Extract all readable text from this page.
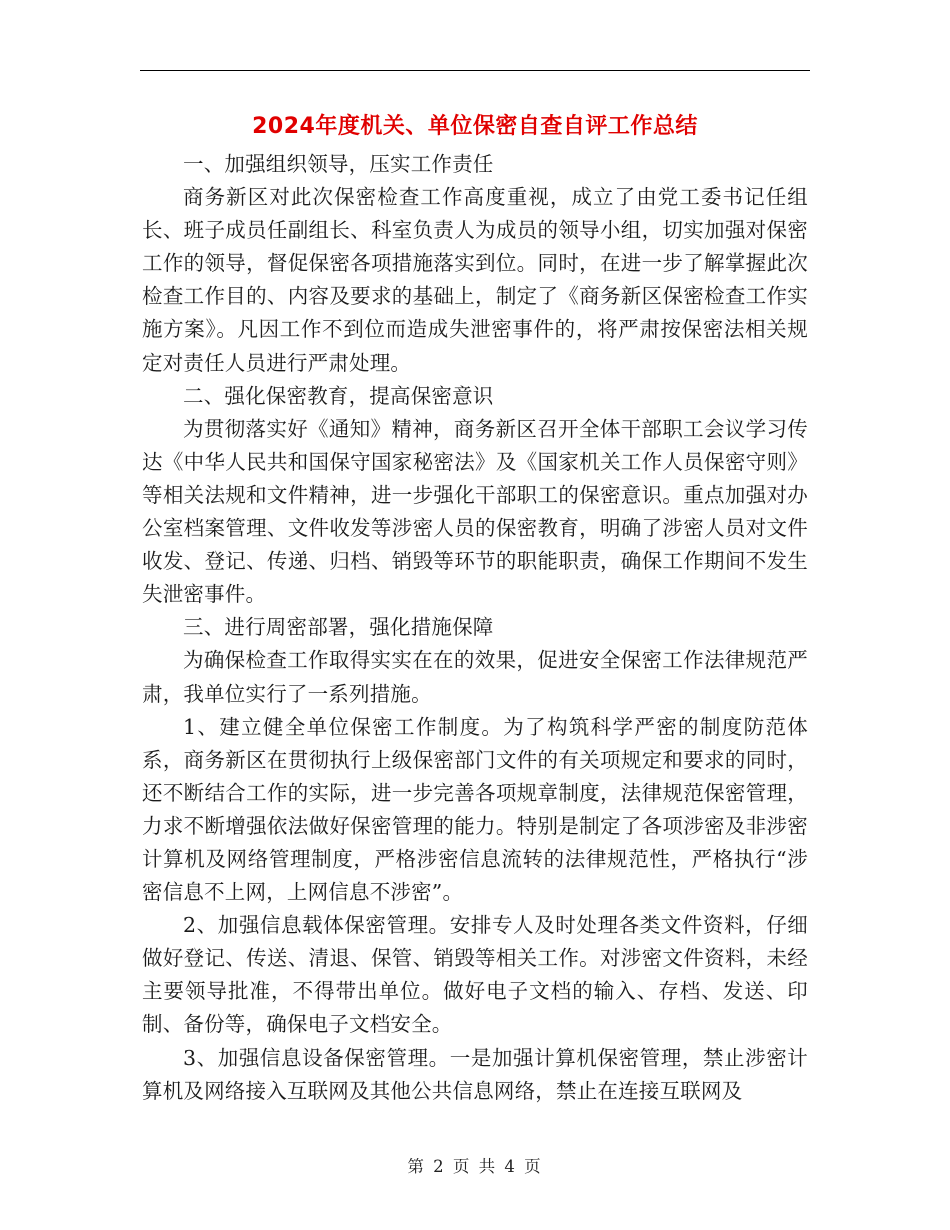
2024年度机关、单位保密自查自评工作总结

一、加强组织领导，压实工作责任

商务新区对此次保密检查工作高度重视，成立了由党工委书记任组长、班子成员任副组长、科室负责人为成员的领导小组，切实加强对保密工作的领导，督促保密各项措施落实到位。同时，在进一步了解掌握此次检查工作目的、内容及要求的基础上，制定了《商务新区保密检查工作实施方案》。凡因工作不到位而造成失泄密事件的，将严肃按保密法相关规定对责任人员进行严肃处理。

二、强化保密教育，提高保密意识

为贯彻落实好《通知》精神，商务新区召开全体干部职工会议学习传达《中华人民共和国保守国家秘密法》及《国家机关工作人员保密守则》等相关法规和文件精神，进一步强化干部职工的保密意识。重点加强对办公室档案管理、文件收发等涉密人员的保密教育，明确了涉密人员对文件收发、登记、传递、归档、销毁等环节的职能职责，确保工作期间不发生失泄密事件。

三、进行周密部署，强化措施保障

为确保检查工作取得实实在在的效果，促进安全保密工作法律规范严肃，我单位实行了一系列措施。

1、建立健全单位保密工作制度。为了构筑科学严密的制度防范体系，商务新区在贯彻执行上级保密部门文件的有关项规定和要求的同时，还不断结合工作的实际，进一步完善各项规章制度，法律规范保密管理，力求不断增强依法做好保密管理的能力。特别是制定了各项涉密及非涉密计算机及网络管理制度，严格涉密信息流转的法律规范性，严格执行“涉密信息不上网，上网信息不涉密”。

2、加强信息载体保密管理。安排专人及时处理各类文件资料，仔细做好登记、传送、清退、保管、销毁等相关工作。对涉密文件资料，未经主要领导批准，不得带出单位。做好电子文档的输入、存档、发送、印制、备份等，确保电子文档安全。

3、加强信息设备保密管理。一是加强计算机保密管理，禁止涉密计算机及网络接入互联网及其他公共信息网络，禁止在连接互联网及

第 2 页 共 4 页
